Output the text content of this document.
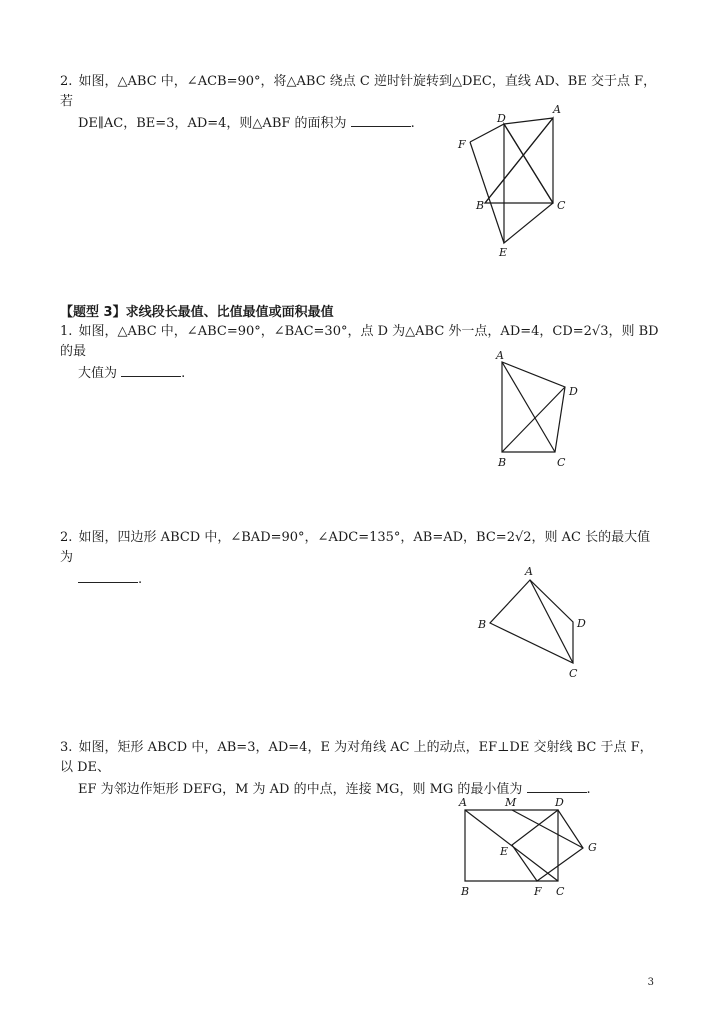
2. 如图，△ABC 中，∠ACB=90°，将△ABC 绕点 C 逆时针旋转到△DEC，直线 AD、BE 交于点 F，若
DE∥AC，BE=3，AD=4，则△ABF 的面积为	.
A
D
F
B	C
E
【题型 3】求线段长最值、比值最值或面积最值
1. 如图，△ABC 中，∠ABC=90°，∠BAC=30°，点 D 为△ABC 外一点，AD=4，CD=2√3，则 BD 的最
大值为	.
A
D
B	C
2. 如图，四边形 ABCD 中，∠BAD=90°，∠ADC=135°，AB=AD，BC=2√2，则 AC 长的最大值为
.
A
B	D
C
3. 如图，矩形 ABCD 中，AB=3，AD=4，E 为对角线 AC 上的动点，EF⊥DE 交射线 BC 于点 F，以 DE、
EF 为邻边作矩形 DEFG，M 为 AD 的中点，连接 MG，则 MG 的最小值为	.
A	M	D
E	G
B	F C
3
